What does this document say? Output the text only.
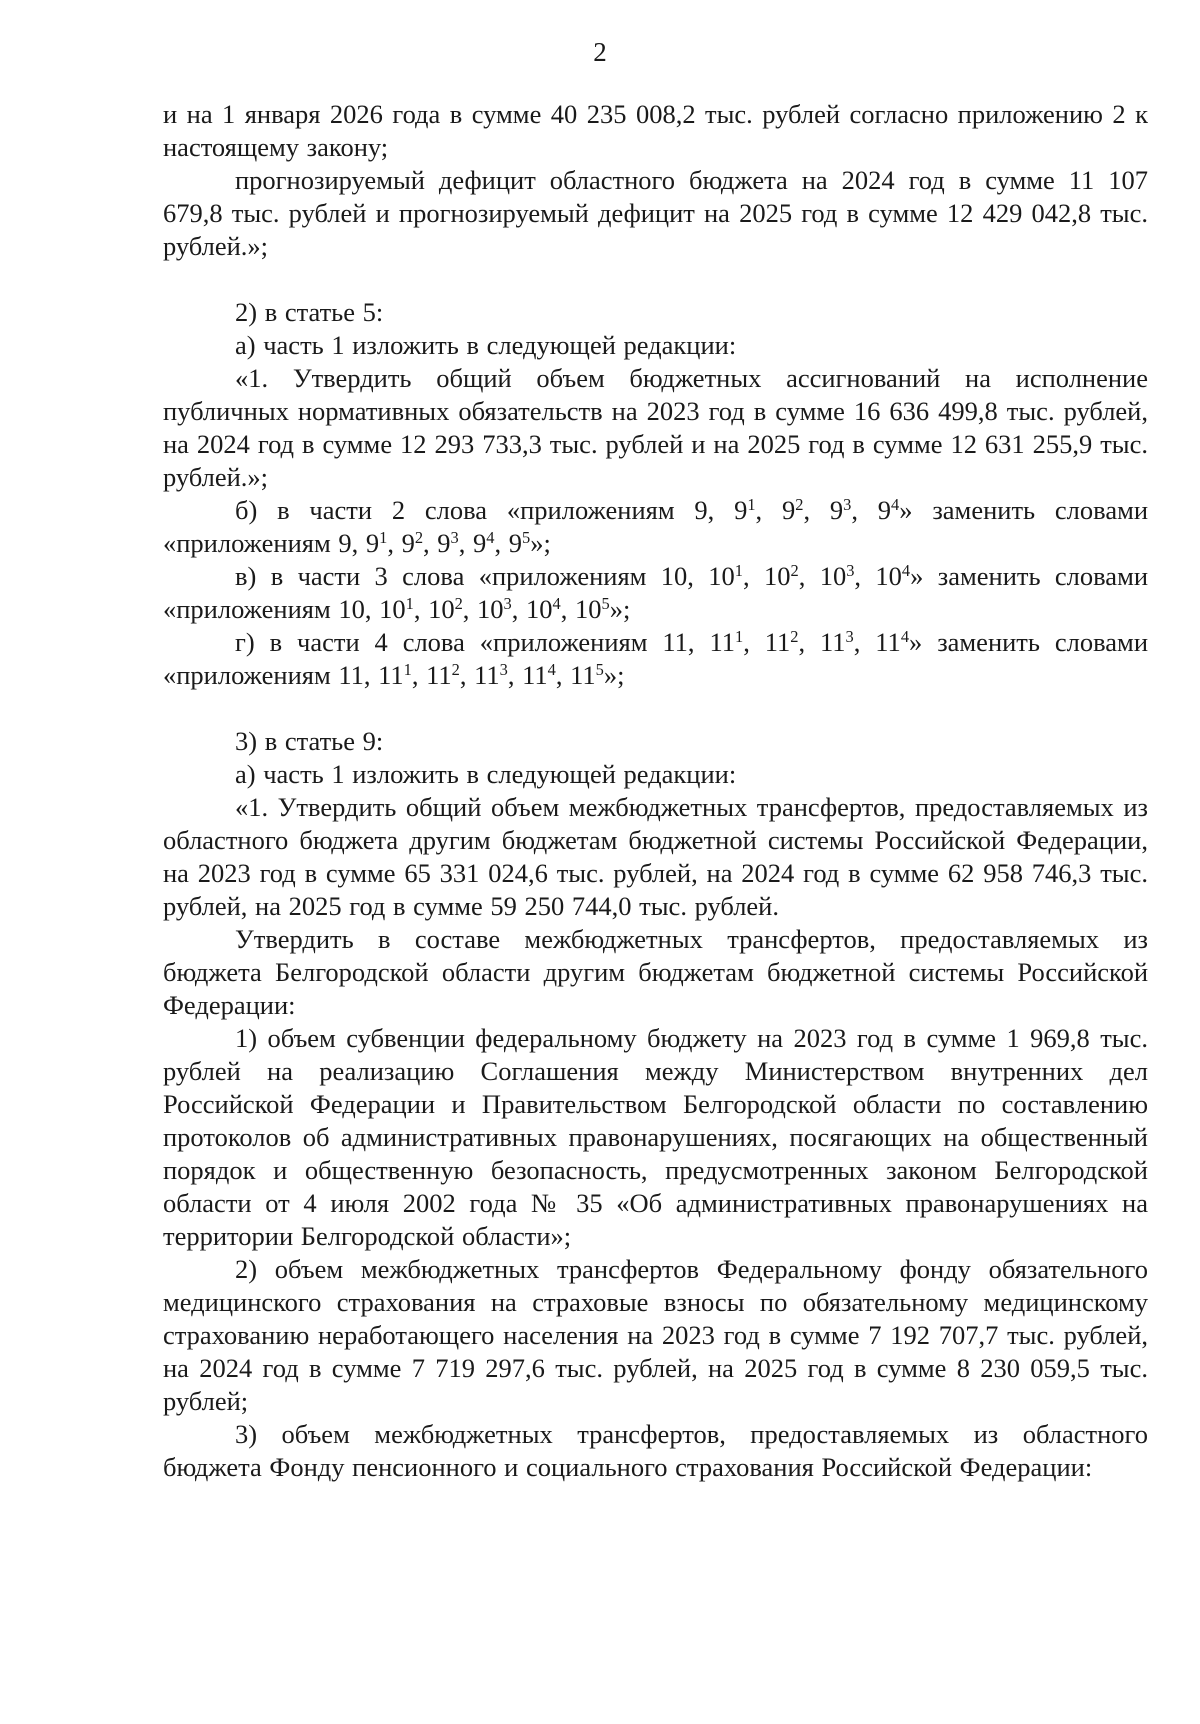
2

и на 1 января 2026 года в сумме 40 235 008,2 тыс. рублей согласно приложению 2 к настоящему закону;

прогнозируемый дефицит областного бюджета на 2024 год в сумме 11 107 679,8 тыс. рублей и прогнозируемый дефицит на 2025 год в сумме 12 429 042,8 тыс. рублей.»;

2) в статье 5:

а) часть 1 изложить в следующей редакции:

«1. Утвердить общий объем бюджетных ассигнований на исполнение публичных нормативных обязательств на 2023 год в сумме 16 636 499,8 тыс. рублей, на 2024 год в сумме 12 293 733,3 тыс. рублей и на 2025 год в сумме 12 631 255,9 тыс. рублей.»;

б) в части 2 слова «приложениям 9, $9^1$, $9^2$, $9^3$, $9^4$» заменить словами «приложениям 9, $9^1$, $9^2$, $9^3$, $9^4$, $9^5$»;

в) в части 3 слова «приложениям 10, $10^1$, $10^2$, $10^3$, $10^4$» заменить словами «приложениям 10, $10^1$, $10^2$, $10^3$, $10^4$, $10^5$»;

г) в части 4 слова «приложениям 11, $11^1$, $11^2$, $11^3$, $11^4$» заменить словами «приложениям 11, $11^1$, $11^2$, $11^3$, $11^4$, $11^5$»;

3) в статье 9:

а) часть 1 изложить в следующей редакции:

«1. Утвердить общий объем межбюджетных трансфертов, предоставляемых из областного бюджета другим бюджетам бюджетной системы Российской Федерации, на 2023 год в сумме 65 331 024,6 тыс. рублей, на 2024 год в сумме 62 958 746,3 тыс. рублей, на 2025 год в сумме 59 250 744,0 тыс. рублей.

Утвердить в составе межбюджетных трансфертов, предоставляемых из бюджета Белгородской области другим бюджетам бюджетной системы Российской Федерации:

1) объем субвенции федеральному бюджету на 2023 год в сумме 1 969,8 тыс. рублей на реализацию Соглашения между Министерством внутренних дел Российской Федерации и Правительством Белгородской области по составлению протоколов об административных правонарушениях, посягающих на общественный порядок и общественную безопасность, предусмотренных законом Белгородской области от 4 июля 2002 года № 35 «Об административных правонарушениях на территории Белгородской области»;

2) объем межбюджетных трансфертов Федеральному фонду обязательного медицинского страхования на страховые взносы по обязательному медицинскому страхованию неработающего населения на 2023 год в сумме 7 192 707,7 тыс. рублей, на 2024 год в сумме 7 719 297,6 тыс. рублей, на 2025 год в сумме 8 230 059,5 тыс. рублей;

3) объем межбюджетных трансфертов, предоставляемых из областного бюджета Фонду пенсионного и социального страхования Российской Федерации:
